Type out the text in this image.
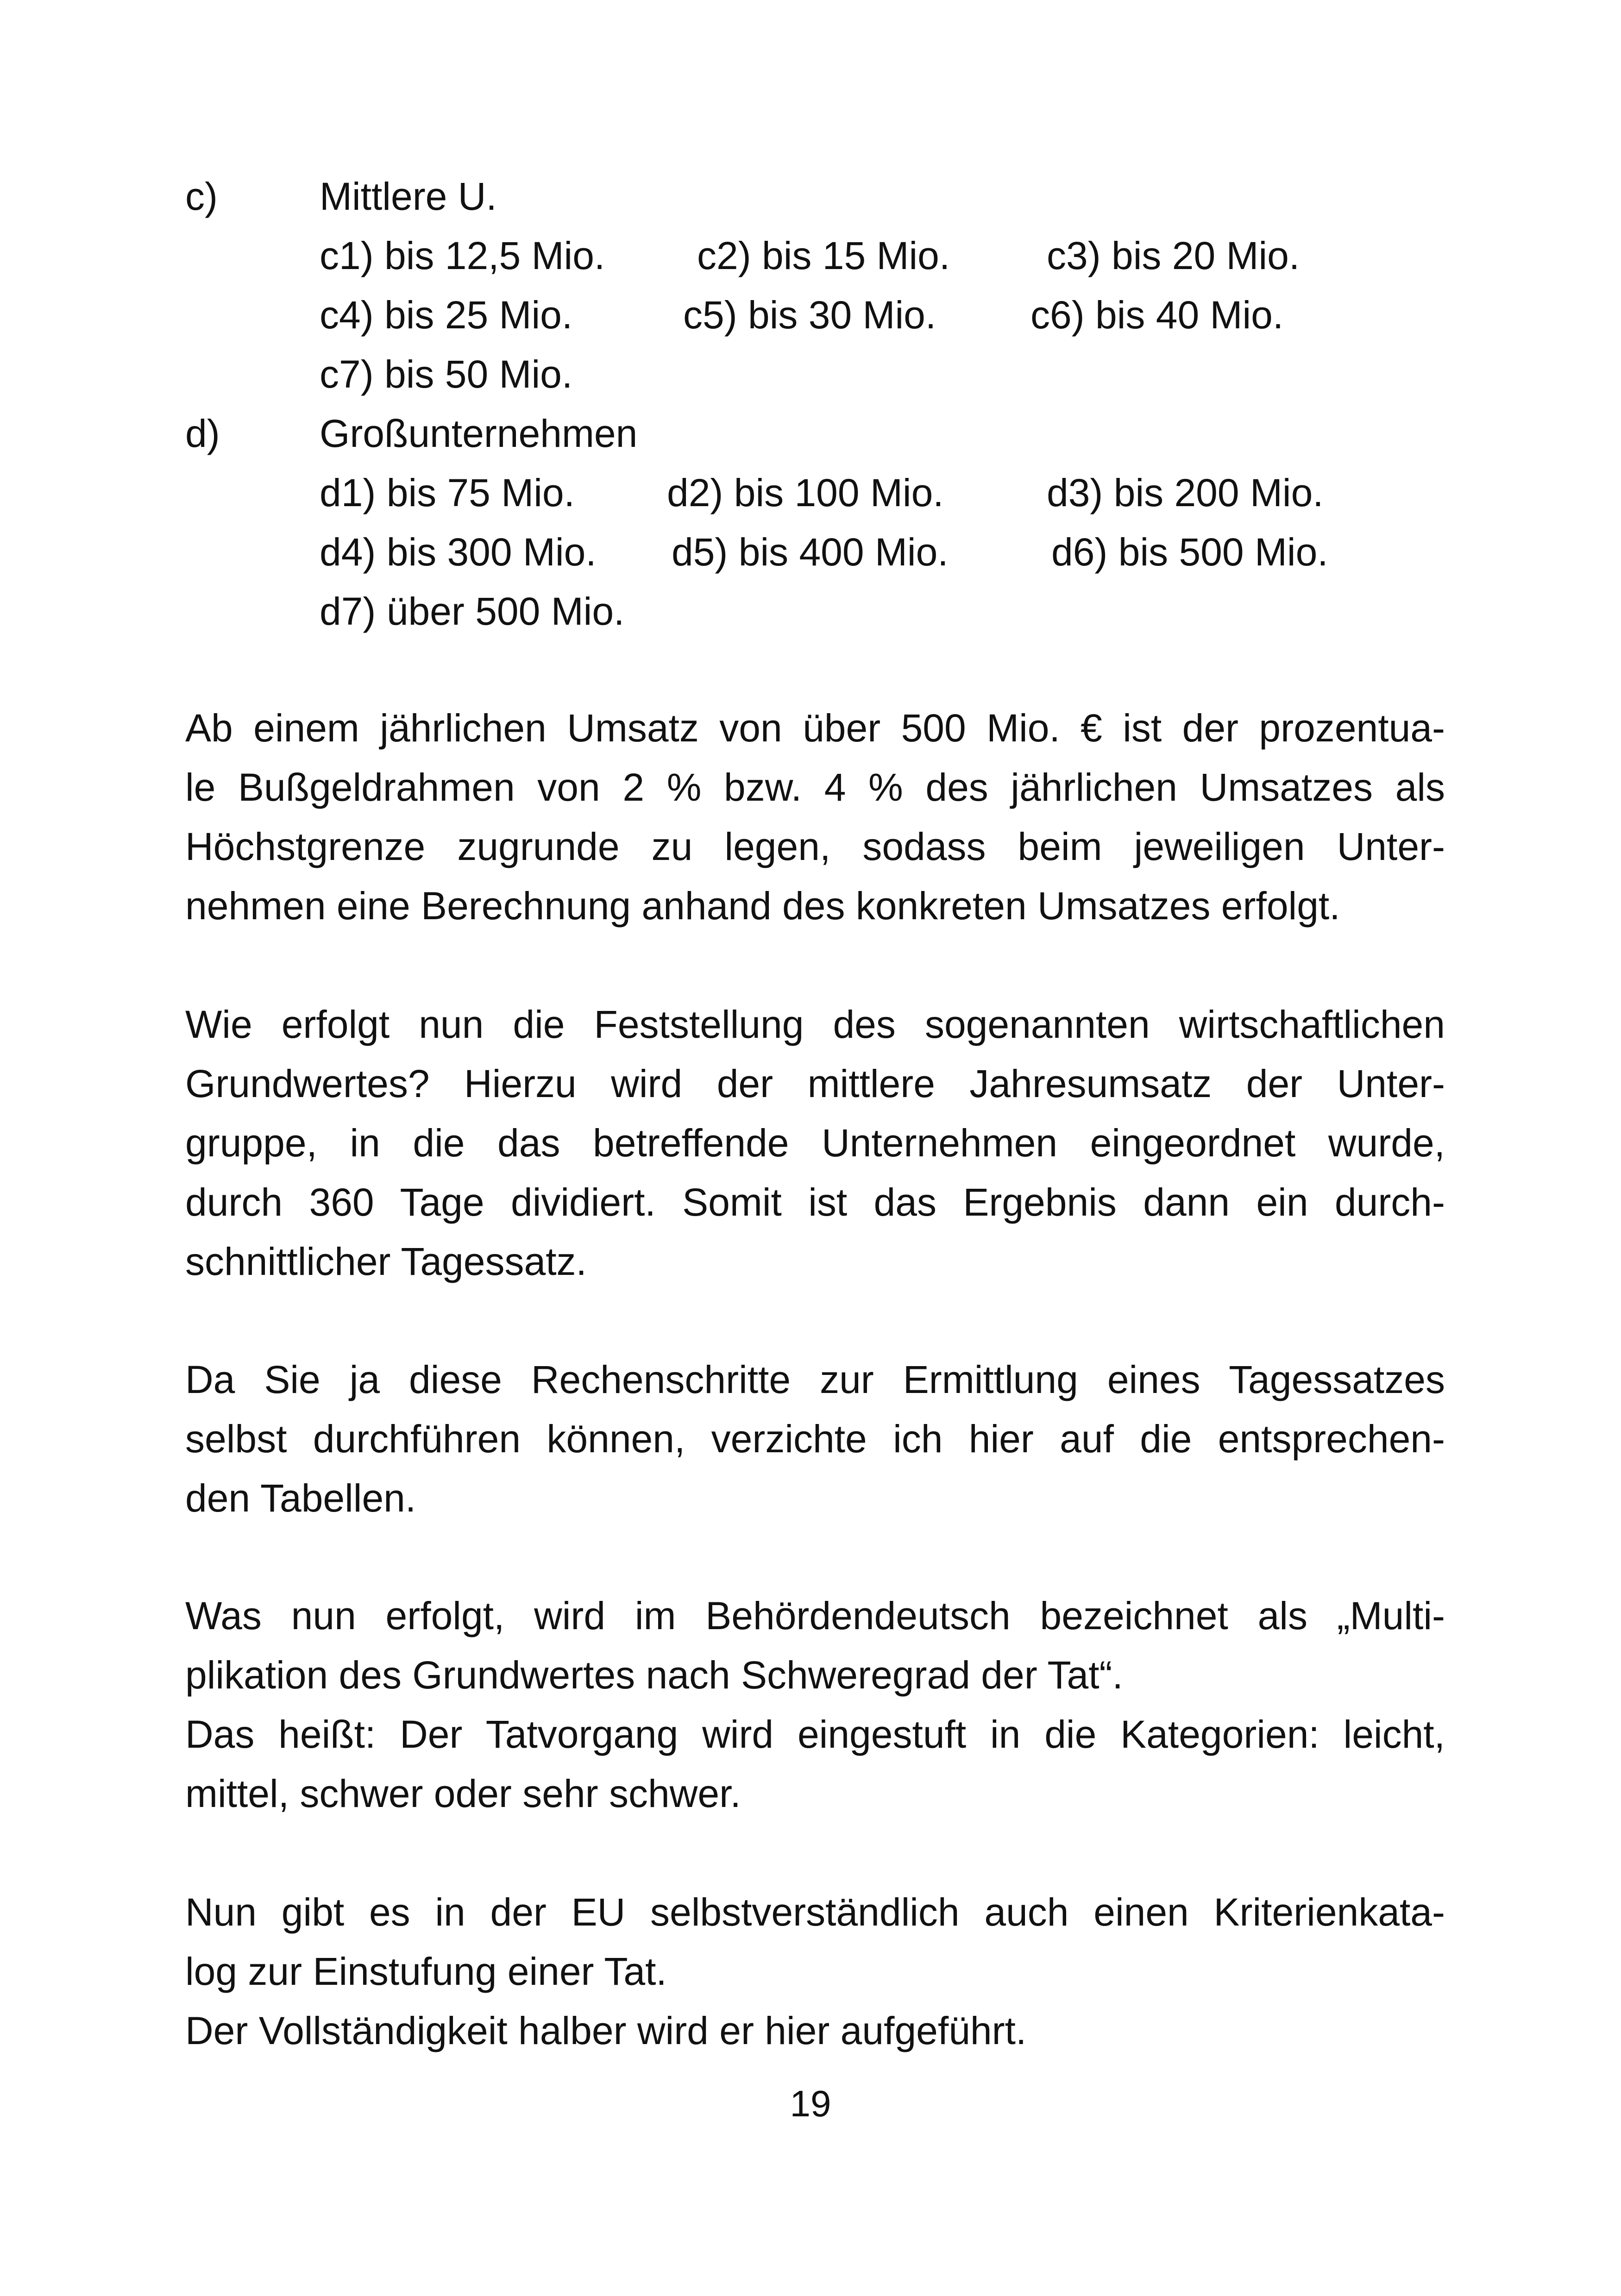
c)	Mittlere U.
c1) bis 12,5 Mio. c2) bis 15 Mio. c3) bis 20 Mio.
c4) bis 25 Mio.	c5) bis 30 Mio. c6) bis 40 Mio.
c7) bis 50 Mio.
d)	Großunternehmen
d1) bis 75 Mio. d2) bis 100 Mio.	d3) bis 200 Mio.
d4) bis 300 Mio. d5) bis 400 Mio.	d6) bis 500 Mio.
d7) über 500 Mio.
Ab einem jährlichen Umsatz von über 500 Mio. € ist der prozentua-
le Bußgeldrahmen von 2 % bzw. 4 % des jährlichen Umsatzes als
Höchstgrenze zugrunde zu legen, sodass beim jeweiligen Unter-
nehmen eine Berechnung anhand des konkreten Umsatzes erfolgt.
Wie erfolgt nun die Feststellung des sogenannten wirtschaftlichen
Grundwertes? Hierzu wird der mittlere Jahresumsatz der Unter-
gruppe, in die das betreffende Unternehmen eingeordnet wurde,
durch 360 Tage dividiert. Somit ist das Ergebnis dann ein durch-
schnittlicher Tagessatz.
Da Sie ja diese Rechenschritte zur Ermittlung eines Tagessatzes
selbst durchführen können, verzichte ich hier auf die entsprechen-
den Tabellen.
Was nun erfolgt, wird im Behördendeutsch bezeichnet als „Multi-
plikation des Grundwertes nach Schweregrad der Tat“.
Das heißt: Der Tatvorgang wird eingestuft in die Kategorien: leicht,
mittel, schwer oder sehr schwer.
Nun gibt es in der EU selbstverständlich auch einen Kriterienkata-
log zur Einstufung einer Tat.
Der Vollständigkeit halber wird er hier aufgeführt.
19
